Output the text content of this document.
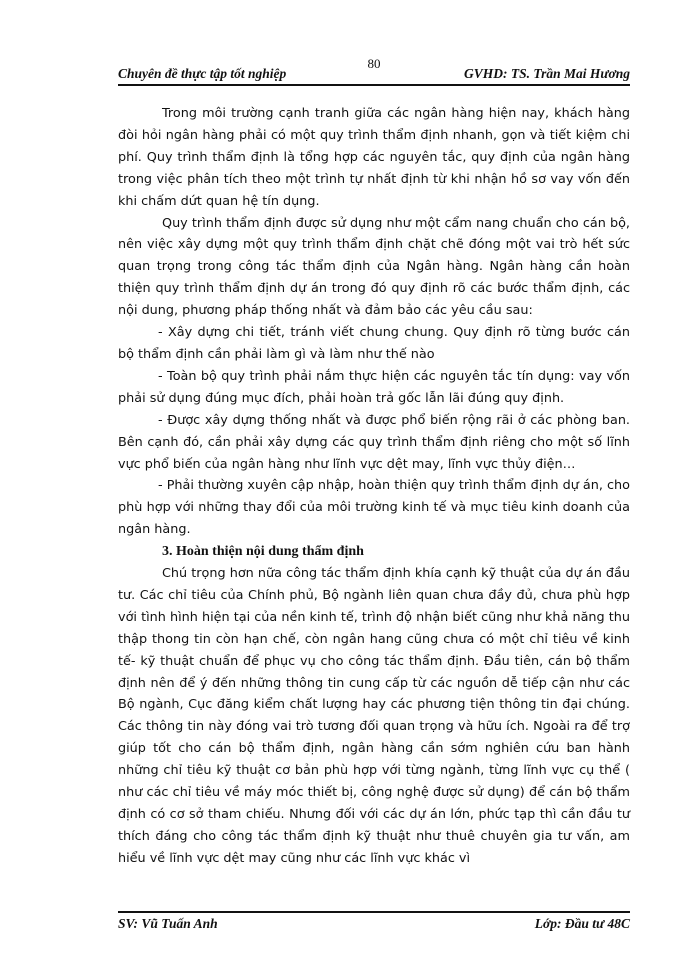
80
Chuyên đề thực tập tốt nghiệp	GVHD: TS. Trần Mai Hương

Trong môi trường cạnh tranh giữa các ngân hàng hiện nay, khách hàng đòi hỏi ngân hàng phải có một quy trình thẩm định nhanh, gọn và tiết kiệm chi phí. Quy trình thẩm định là tổng hợp các nguyên tắc, quy định của ngân hàng trong việc phân tích theo một trình tự nhất định từ khi nhận hồ sơ vay vốn đến khi chấm dứt quan hệ tín dụng.

Quy trình thẩm định được sử dụng như một cẩm nang chuẩn cho cán bộ, nên việc xây dựng một quy trình thẩm định chặt chẽ đóng một vai trò hết sức quan trọng trong công tác thẩm định của Ngân hàng. Ngân hàng cần hoàn thiện quy trình thẩm định dự án trong đó quy định rõ các bước thẩm định, các nội dung, phương pháp thống nhất và đảm bảo các yêu cầu sau:

- Xây dựng chi tiết, tránh viết chung chung. Quy định rõ từng bước cán bộ thẩm định cần phải làm gì và làm như thế nào

- Toàn bộ quy trình phải nắm thực hiện các nguyên tắc tín dụng: vay vốn phải sử dụng đúng mục đích, phải hoàn trả gốc lẫn lãi đúng quy định.

- Được xây dựng thống nhất và được phổ biến rộng rãi ở các phòng ban. Bên cạnh đó, cần phải xây dựng các quy trình thẩm định riêng cho một số lĩnh vực phổ biến của ngân hàng như lĩnh vực dệt may, lĩnh vực thủy điện…

- Phải thường xuyên cập nhập, hoàn thiện quy trình thẩm định dự án, cho phù hợp với những thay đổi của môi trường kinh tế và mục tiêu kinh doanh của ngân hàng.

3. Hoàn thiện nội dung thẩm định

Chú trọng hơn nữa công tác thẩm định khía cạnh kỹ thuật của dự án đầu tư. Các chỉ tiêu của Chính phủ, Bộ ngành liên quan chưa đầy đủ, chưa phù hợp với tình hình hiện tại của nền kinh tế, trình độ nhận biết cũng như khả năng thu thập thong tin còn hạn chế, còn ngân hang cũng chưa có một chỉ tiêu về kinh tế- kỹ thuật chuẩn để phục vụ cho công tác thẩm định. Đầu tiên, cán bộ thẩm định nên để ý đến những thông tin cung cấp từ các nguồn dễ tiếp cận như các Bộ ngành, Cục đăng kiểm chất lượng hay các phương tiện thông tin đại chúng. Các thông tin này đóng vai trò tương đối quan trọng và hữu ích. Ngoài ra để trợ giúp tốt cho cán bộ thẩm định, ngân hàng cần sớm nghiên cứu ban hành những chỉ tiêu kỹ thuật cơ bản phù hợp với từng ngành, từng lĩnh vực cụ thể ( như các chỉ tiêu về máy móc thiết bị, công nghệ được sử dụng) để cán bộ thẩm định có cơ sở tham chiếu. Nhưng đối với các dự án lớn, phức tạp thì cần đầu tư thích đáng cho công tác thẩm định kỹ thuật như thuê chuyên gia tư vấn, am hiểu về lĩnh vực dệt may cũng như các lĩnh vực khác vì

SV: Vũ Tuấn Anh	Lớp: Đầu tư 48C
